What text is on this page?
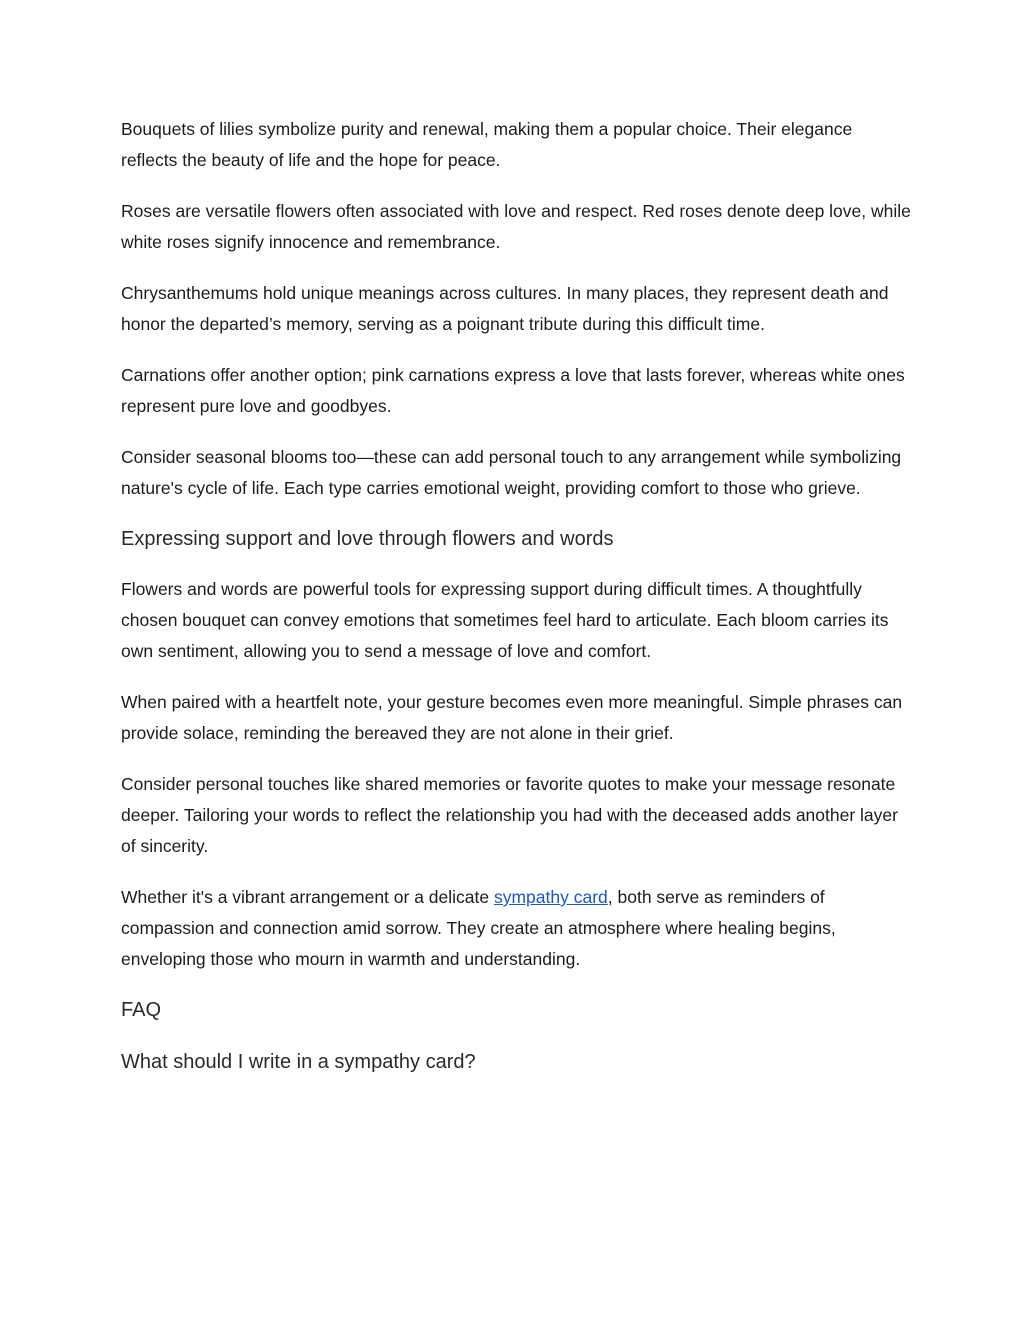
Bouquets of lilies symbolize purity and renewal, making them a popular choice. Their elegance reflects the beauty of life and the hope for peace.

Roses are versatile flowers often associated with love and respect. Red roses denote deep love, while white roses signify innocence and remembrance.

Chrysanthemums hold unique meanings across cultures. In many places, they represent death and honor the departed’s memory, serving as a poignant tribute during this difficult time.

Carnations offer another option; pink carnations express a love that lasts forever, whereas white ones represent pure love and goodbyes.

Consider seasonal blooms too—these can add personal touch to any arrangement while symbolizing nature's cycle of life. Each type carries emotional weight, providing comfort to those who grieve.

Expressing support and love through flowers and words

Flowers and words are powerful tools for expressing support during difficult times. A thoughtfully chosen bouquet can convey emotions that sometimes feel hard to articulate. Each bloom carries its own sentiment, allowing you to send a message of love and comfort.

When paired with a heartfelt note, your gesture becomes even more meaningful. Simple phrases can provide solace, reminding the bereaved they are not alone in their grief.

Consider personal touches like shared memories or favorite quotes to make your message resonate deeper. Tailoring your words to reflect the relationship you had with the deceased adds another layer of sincerity.

Whether it's a vibrant arrangement or a delicate sympathy card, both serve as reminders of compassion and connection amid sorrow. They create an atmosphere where healing begins, enveloping those who mourn in warmth and understanding.

FAQ
What should I write in a sympathy card?
